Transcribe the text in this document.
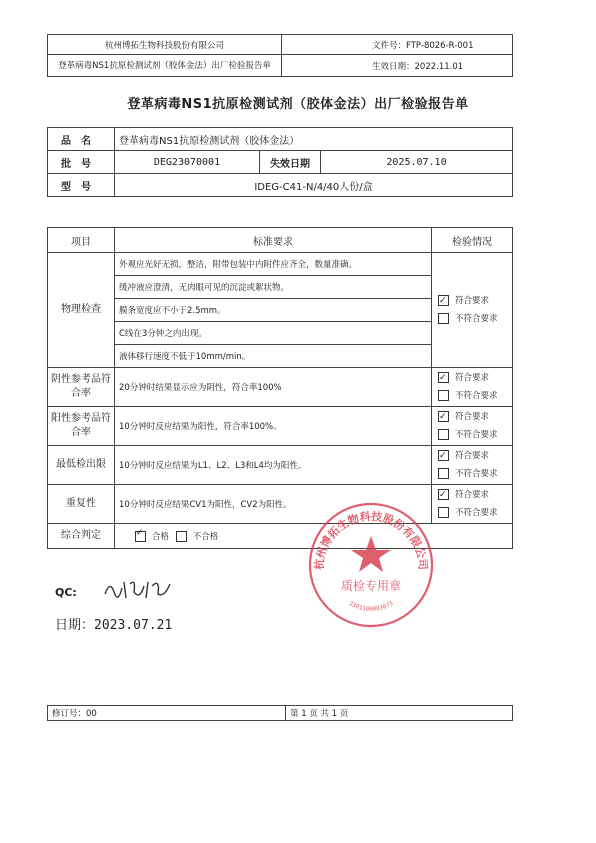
杭州博拓生物科技股份有限公司	文件号：FTP-8026-R-001
登革病毒NS1抗原检测试剂（胶体金法）出厂检验报告单	生效日期：2022.11.01
登革病毒NS1抗原检测试剂（胶体金法）出厂检验报告单
品名	登革病毒NS1抗原检测试剂（胶体金法）		
批号	DEG23070001	失效日期	2025.07.10
型号	IDEG-C41-N/4/40人份/盒		
项目	标准要求	检验情况
物理检查	外观应光好无损，整洁，附带包装中内附件应齐全，数量准确。	
✓符合要求
不符合要求

	缓冲液应澄清，无肉眼可见的沉淀或絮状物。	
	膜条宽度应不小于2.5mm。	
	C线在3分钟之内出现。	
	液体移行速度不低于10mm/min。	
阴性参考品符合率	20分钟时结果显示应为阴性，符合率100%	
✓符合要求
不符合要求

阳性参考品符合率	10分钟时反应结果为阳性，符合率100%。	
✓符合要求
不符合要求

最低检出限	10分钟时反应结果为L1、L2、L3和L4均为阳性。	
✓符合要求
不符合要求

重复性	10分钟时反应结果CV1为阳性，CV2为阳性。	
✓符合要求
不符合要求

综合判定	✓合格 不合格
QC:
日期：2023.07.21
杭州博拓生物科技股份有限公司
质检专用章
3301100083073
修订号：00	第 1 页 共 1 页
